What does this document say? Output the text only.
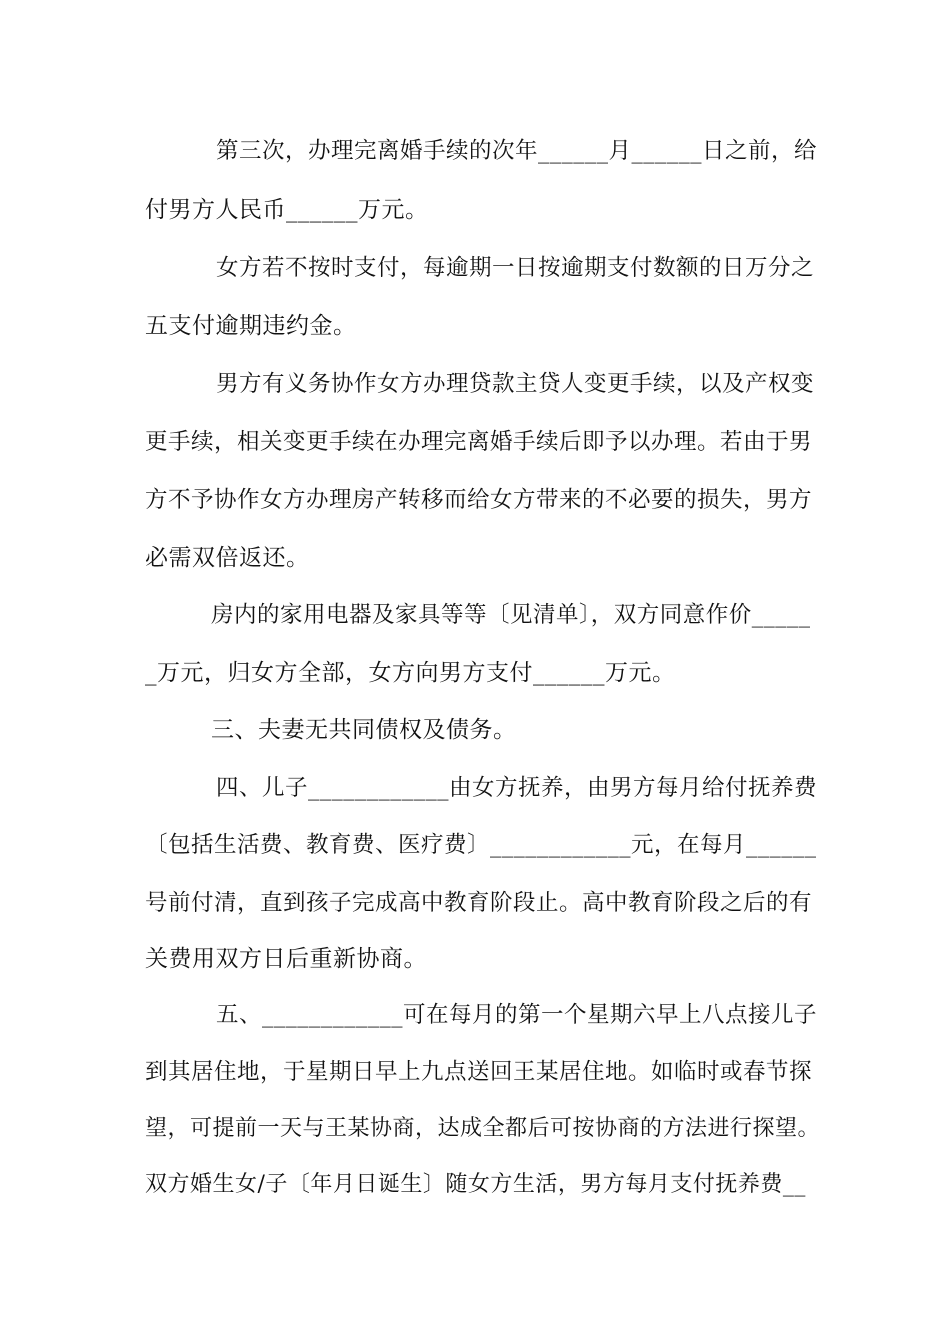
第三次，办理完离婚手续的次年______月______日之前，给
付男方人民币______万元。
女方若不按时支付，每逾期一日按逾期支付数额的日万分之
五支付逾期违约金。
男方有义务协作女方办理贷款主贷人变更手续，以及产权变
更手续，相关变更手续在办理完离婚手续后即予以办理。若由于男
方不予协作女方办理房产转移而给女方带来的不必要的损失，男方
必需双倍返还。
房内的家用电器及家具等等〔见清单〕，双方同意作价_____
_万元，归女方全部，女方向男方支付______万元。
三、夫妻无共同债权及债务。
四、儿子____________由女方抚养，由男方每月给付抚养费
〔包括生活费、教育费、医疗费〕____________元，在每月______
号前付清，直到孩子完成高中教育阶段止。高中教育阶段之后的有
关费用双方日后重新协商。
五、____________可在每月的第一个星期六早上八点接儿子
到其居住地，于星期日早上九点送回王某居住地。如临时或春节探
望，可提前一天与王某协商，达成全都后可按协商的方法进行探望。
双方婚生女/子〔年月日诞生〕随女方生活，男方每月支付抚养费__
